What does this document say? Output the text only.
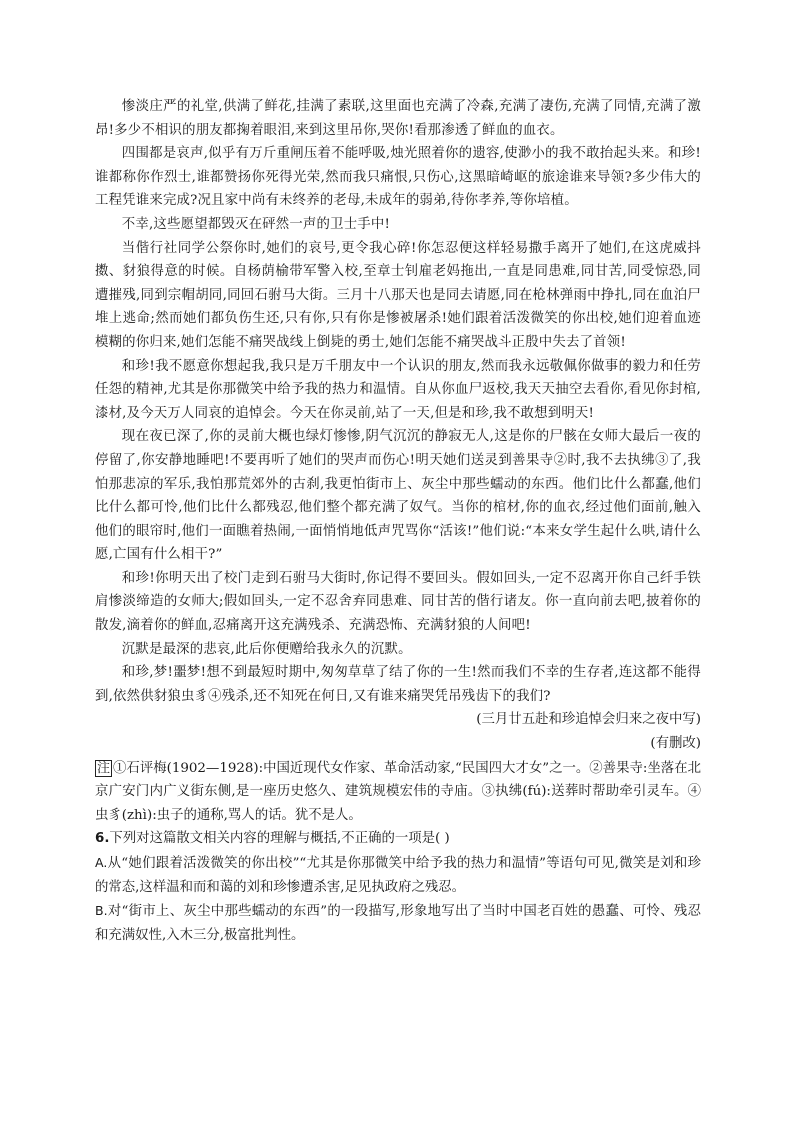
惨淡庄严的礼堂,供满了鲜花,挂满了素联,这里面也充满了冷森,充满了凄伤,充满了同情,充满了激昂!多少不相识的朋友都掬着眼泪,来到这里吊你,哭你!看那渗透了鲜血的血衣。

四围都是哀声,似乎有万斤重闸压着不能呼吸,烛光照着你的遗容,使渺小的我不敢抬起头来。和珍!谁都称你作烈士,谁都赞扬你死得光荣,然而我只痛恨,只伤心,这黑暗崎岖的旅途谁来导领?多少伟大的工程凭谁来完成?况且家中尚有未终养的老母,未成年的弱弟,待你孝养,等你培植。

不幸,这些愿望都毁灭在砰然一声的卫士手中!

当偕行社同学公祭你时,她们的哀号,更令我心碎!你怎忍便这样轻易撒手离开了她们,在这虎威抖擞、豺狼得意的时候。自杨荫榆带军警入校,至章士钊雇老妈拖出,一直是同患难,同甘苦,同受惊恐,同遭摧残,同到宗帽胡同,同回石驸马大街。三月十八那天也是同去请愿,同在枪林弹雨中挣扎,同在血泊尸堆上逃命;然而她们都负伤生还,只有你,只有你是惨被屠杀!她们跟着活泼微笑的你出校,她们迎着血迹模糊的你归来,她们怎能不痛哭战线上倒毙的勇士,她们怎能不痛哭战斗正殷中失去了首领!

和珍!我不愿意你想起我,我只是万千朋友中一个认识的朋友,然而我永远敬佩你做事的毅力和任劳任怨的精神,尤其是你那微笑中给予我的热力和温情。自从你血尸返校,我天天抽空去看你,看见你封棺,漆材,及今天万人同哀的追悼会。今天在你灵前,站了一天,但是和珍,我不敢想到明天!

现在夜已深了,你的灵前大概也绿灯惨惨,阴气沉沉的静寂无人,这是你的尸骸在女师大最后一夜的停留了,你安静地睡吧!不要再听了她们的哭声而伤心!明天她们送灵到善果寺②时,我不去执绋③了,我怕那悲凉的军乐,我怕那荒郊外的古刹,我更怕街市上、灰尘中那些蠕动的东西。他们比什么都蠢,他们比什么都可怜,他们比什么都残忍,他们整个都充满了奴气。当你的棺材,你的血衣,经过他们面前,触入他们的眼帘时,他们一面瞧着热闹,一面悄悄地低声咒骂你“活该!”他们说:“本来女学生起什么哄,请什么愿,亡国有什么相干?”

和珍!你明天出了校门走到石驸马大街时,你记得不要回头。假如回头,一定不忍离开你自己纤手铁肩惨淡缔造的女师大;假如回头,一定不忍舍弃同患难、同甘苦的偕行诸友。你一直向前去吧,披着你的散发,滴着你的鲜血,忍痛离开这充满残杀、充满恐怖、充满豺狼的人间吧!

沉默是最深的悲哀,此后你便赠给我永久的沉默。

和珍,梦!噩梦!想不到最短时期中,匆匆草草了结了你的一生!然而我们不幸的生存者,连这都不能得到,依然供豺狼虫豸④残杀,还不知死在何日,又有谁来痛哭凭吊残齿下的我们?

(三月廿五赴和珍追悼会归来之夜中写)

(有删改)

注 ①石评梅(1902—1928):中国近现代女作家、革命活动家,“民国四大才女”之一。②善果寺:坐落在北京广安门内广义街东侧,是一座历史悠久、建筑规模宏伟的寺庙。③执绋(fú):送葬时帮助牵引灵车。④虫豸(zhì):虫子的通称,骂人的话。犹不是人。

6.下列对这篇散文相关内容的理解与概括,不正确的一项是( )

A.从“她们跟着活泼微笑的你出校”“尤其是你那微笑中给予我的热力和温情”等语句可见,微笑是刘和珍的常态,这样温和而和蔼的刘和珍惨遭杀害,足见执政府之残忍。

B.对“街市上、灰尘中那些蠕动的东西”的一段描写,形象地写出了当时中国老百姓的愚蠢、可怜、残忍和充满奴性,入木三分,极富批判性。
